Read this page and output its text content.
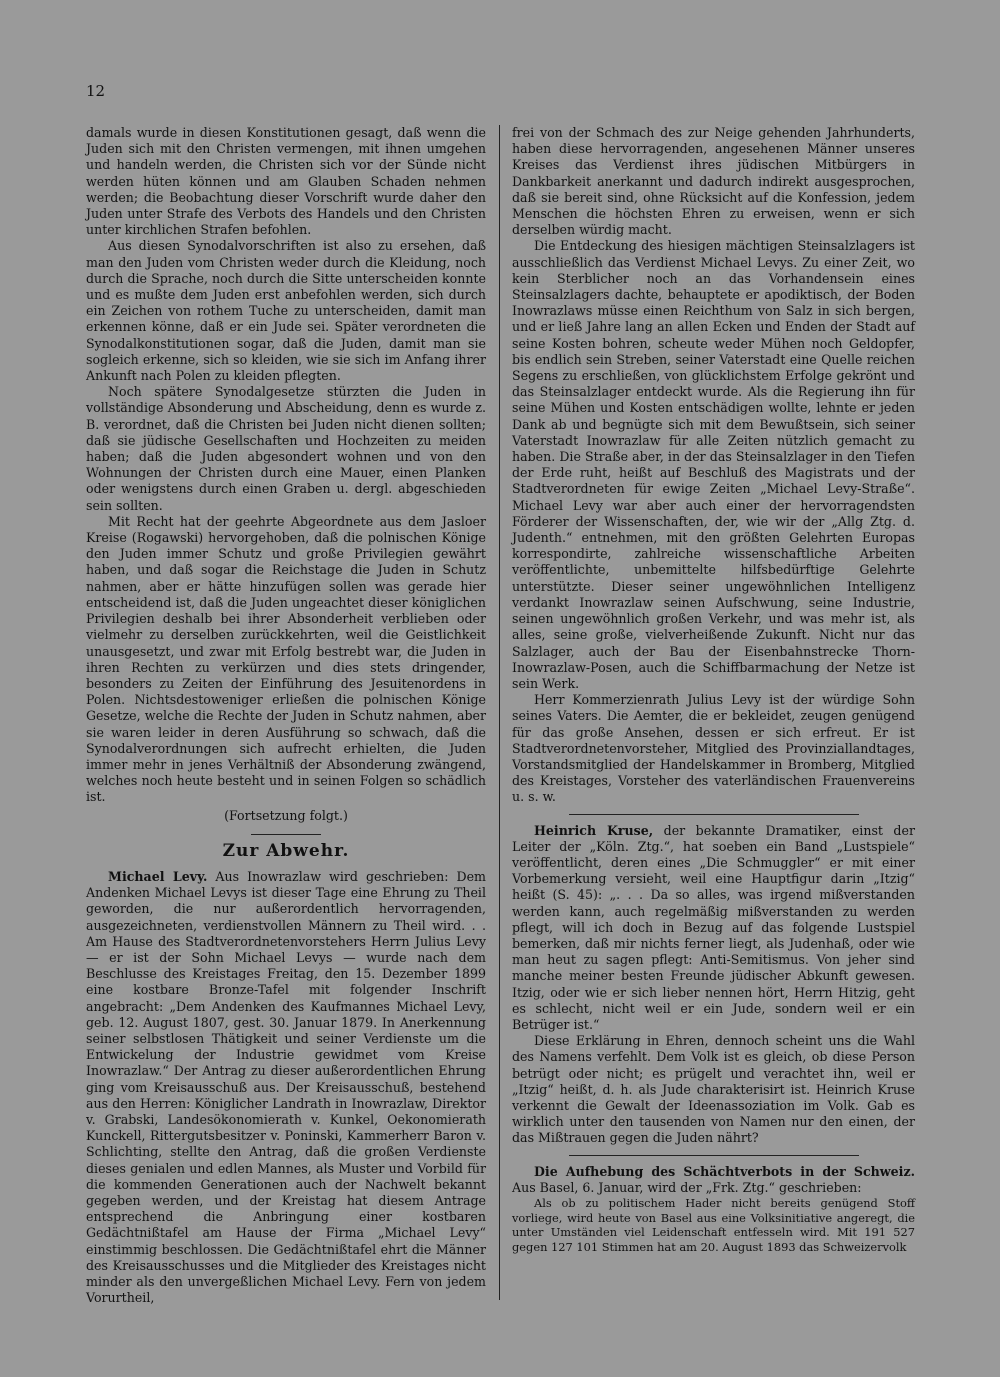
12

damals wurde in diesen Konstitutionen gesagt, daß wenn die Juden sich mit den Christen vermengen, mit ihnen umgehen und handeln werden, die Christen sich vor der Sünde nicht werden hüten können und am Glauben Schaden nehmen werden; die Beobachtung dieser Vorschrift wurde daher den Juden unter Strafe des Verbots des Handels und den Christen unter kirchlichen Strafen befohlen.

Aus diesen Synodalvorschriften ist also zu ersehen, daß man den Juden vom Christen weder durch die Kleidung, noch durch die Sprache, noch durch die Sitte unterscheiden konnte und es mußte dem Juden erst anbefohlen werden, sich durch ein Zeichen von rothem Tuche zu unterscheiden, damit man erkennen könne, daß er ein Jude sei. Später verordneten die Synodalkonstitutionen sogar, daß die Juden, damit man sie sogleich erkenne, sich so kleiden, wie sie sich im Anfang ihrer Ankunft nach Polen zu kleiden pflegten.

Noch spätere Synodalgesetze stürzten die Juden in vollständige Absonderung und Abscheidung, denn es wurde z. B. verordnet, daß die Christen bei Juden nicht dienen sollten; daß sie jüdische Gesellschaften und Hochzeiten zu meiden haben; daß die Juden abgesondert wohnen und von den Wohnungen der Christen durch eine Mauer, einen Planken oder wenigstens durch einen Graben u. dergl. abgeschieden sein sollten.

Mit Recht hat der geehrte Abgeordnete aus dem Jasloer Kreise (Rogawski) hervorgehoben, daß die polnischen Könige den Juden immer Schutz und große Privilegien gewährt haben, und daß sogar die Reichstage die Juden in Schutz nahmen, aber er hätte hinzufügen sollen was gerade hier entscheidend ist, daß die Juden ungeachtet dieser königlichen Privilegien deshalb bei ihrer Absonderheit verblieben oder vielmehr zu derselben zurückkehrten, weil die Geistlichkeit unausgesetzt, und zwar mit Erfolg bestrebt war, die Juden in ihren Rechten zu verkürzen und dies stets dringender, besonders zu Zeiten der Einführung des Jesuitenordens in Polen. Nichtsdestoweniger erließen die polnischen Könige Gesetze, welche die Rechte der Juden in Schutz nahmen, aber sie waren leider in deren Ausführung so schwach, daß die Synodalverordnungen sich aufrecht erhielten, die Juden immer mehr in jenes Verhältniß der Absonderung zwängend, welches noch heute besteht und in seinen Folgen so schädlich ist.

(Fortsetzung folgt.)

Zur Abwehr.

Michael Levy. Aus Inowrazlaw wird geschrieben: Dem Andenken Michael Levys ist dieser Tage eine Ehrung zu Theil geworden, die nur außerordentlich hervorragenden, ausgezeichneten, verdienstvollen Männern zu Theil wird. . . Am Hause des Stadtverordnetenvorstehers Herrn Julius Levy — er ist der Sohn Michael Levys — wurde nach dem Beschlusse des Kreistages Freitag, den 15. Dezember 1899 eine kostbare Bronze-Tafel mit folgender Inschrift angebracht: „Dem Andenken des Kaufmannes Michael Levy, geb. 12. August 1807, gest. 30. Januar 1879. In Anerkennung seiner selbstlosen Thätigkeit und seiner Verdienste um die Entwickelung der Industrie gewidmet vom Kreise Inowrazlaw.“ Der Antrag zu dieser außerordentlichen Ehrung ging vom Kreisausschuß aus. Der Kreisausschuß, bestehend aus den Herren: Königlicher Landrath in Inowrazlaw, Direktor v. Grabski, Landesökonomierath v. Kunkel, Oekonomierath Kunckell, Rittergutsbesitzer v. Poninski, Kammerherr Baron v. Schlichting, stellte den Antrag, daß die großen Verdienste dieses genialen und edlen Mannes, als Muster und Vorbild für die kommenden Generationen auch der Nachwelt bekannt gegeben werden, und der Kreistag hat diesem Antrage entsprechend die Anbringung einer kostbaren Gedächtnißtafel am Hause der Firma „Michael Levy“ einstimmig beschlossen. Die Gedächtnißtafel ehrt die Männer des Kreisausschusses und die Mitglieder des Kreistages nicht minder als den unvergeßlichen Michael Levy. Fern von jedem Vorurtheil,

frei von der Schmach des zur Neige gehenden Jahrhunderts, haben diese hervorragenden, angesehenen Männer unseres Kreises das Verdienst ihres jüdischen Mitbürgers in Dankbarkeit anerkannt und dadurch indirekt ausgesprochen, daß sie bereit sind, ohne Rücksicht auf die Konfession, jedem Menschen die höchsten Ehren zu erweisen, wenn er sich derselben würdig macht.

Die Entdeckung des hiesigen mächtigen Steinsalzlagers ist ausschließlich das Verdienst Michael Levys. Zu einer Zeit, wo kein Sterblicher noch an das Vorhandensein eines Steinsalzlagers dachte, behauptete er apodiktisch, der Boden Inowrazlaws müsse einen Reichthum von Salz in sich bergen, und er ließ Jahre lang an allen Ecken und Enden der Stadt auf seine Kosten bohren, scheute weder Mühen noch Geldopfer, bis endlich sein Streben, seiner Vaterstadt eine Quelle reichen Segens zu erschließen, von glücklichstem Erfolge gekrönt und das Steinsalzlager entdeckt wurde. Als die Regierung ihn für seine Mühen und Kosten entschädigen wollte, lehnte er jeden Dank ab und begnügte sich mit dem Bewußtsein, sich seiner Vaterstadt Inowrazlaw für alle Zeiten nützlich gemacht zu haben. Die Straße aber, in der das Steinsalzlager in den Tiefen der Erde ruht, heißt auf Beschluß des Magistrats und der Stadtverordneten für ewige Zeiten „Michael Levy-Straße“. Michael Levy war aber auch einer der hervorragendsten Förderer der Wissenschaften, der, wie wir der „Allg Ztg. d. Judenth.“ entnehmen, mit den größten Gelehrten Europas korrespondirte, zahlreiche wissenschaftliche Arbeiten veröffentlichte, unbemittelte hilfsbedürftige Gelehrte unterstützte. Dieser seiner ungewöhnlichen Intelligenz verdankt Inowrazlaw seinen Aufschwung, seine Industrie, seinen ungewöhnlich großen Verkehr, und was mehr ist, als alles, seine große, vielverheißende Zukunft. Nicht nur das Salzlager, auch der Bau der Eisenbahnstrecke Thorn-Inowrazlaw-Posen, auch die Schiffbarmachung der Netze ist sein Werk.

Herr Kommerzienrath Julius Levy ist der würdige Sohn seines Vaters. Die Aemter, die er bekleidet, zeugen genügend für das große Ansehen, dessen er sich erfreut. Er ist Stadtverordnetenvorsteher, Mitglied des Provinziallandtages, Vorstandsmitglied der Handelskammer in Bromberg, Mitglied des Kreistages, Vorsteher des vaterländischen Frauenvereins u. s. w.

Heinrich Kruse, der bekannte Dramatiker, einst der Leiter der „Köln. Ztg.“, hat soeben ein Band „Lustspiele“ veröffentlicht, deren eines „Die Schmuggler“ er mit einer Vorbemerkung versieht, weil eine Hauptfigur darin „Itzig“ heißt (S. 45): „. . . Da so alles, was irgend mißverstanden werden kann, auch regelmäßig mißverstanden zu werden pflegt, will ich doch in Bezug auf das folgende Lustspiel bemerken, daß mir nichts ferner liegt, als Judenhaß, oder wie man heut zu sagen pflegt: Anti-Semitismus. Von jeher sind manche meiner besten Freunde jüdischer Abkunft gewesen. Itzig, oder wie er sich lieber nennen hört, Herrn Hitzig, geht es schlecht, nicht weil er ein Jude, sondern weil er ein Betrüger ist.“

Diese Erklärung in Ehren, dennoch scheint uns die Wahl des Namens verfehlt. Dem Volk ist es gleich, ob diese Person betrügt oder nicht; es prügelt und verachtet ihn, weil er „Itzig“ heißt, d. h. als Jude charakterisirt ist. Heinrich Kruse verkennt die Gewalt der Ideenassoziation im Volk. Gab es wirklich unter den tausenden von Namen nur den einen, der das Mißtrauen gegen die Juden nährt?

Die Aufhebung des Schächtverbots in der Schweiz. Aus Basel, 6. Januar, wird der „Frk. Ztg.“ geschrieben:

Als ob zu politischem Hader nicht bereits genügend Stoff vorliege, wird heute von Basel aus eine Volksinitiative angeregt, die unter Umständen viel Leidenschaft entfesseln wird. Mit 191 527 gegen 127 101 Stimmen hat am 20. August 1893 das Schweizervolk
